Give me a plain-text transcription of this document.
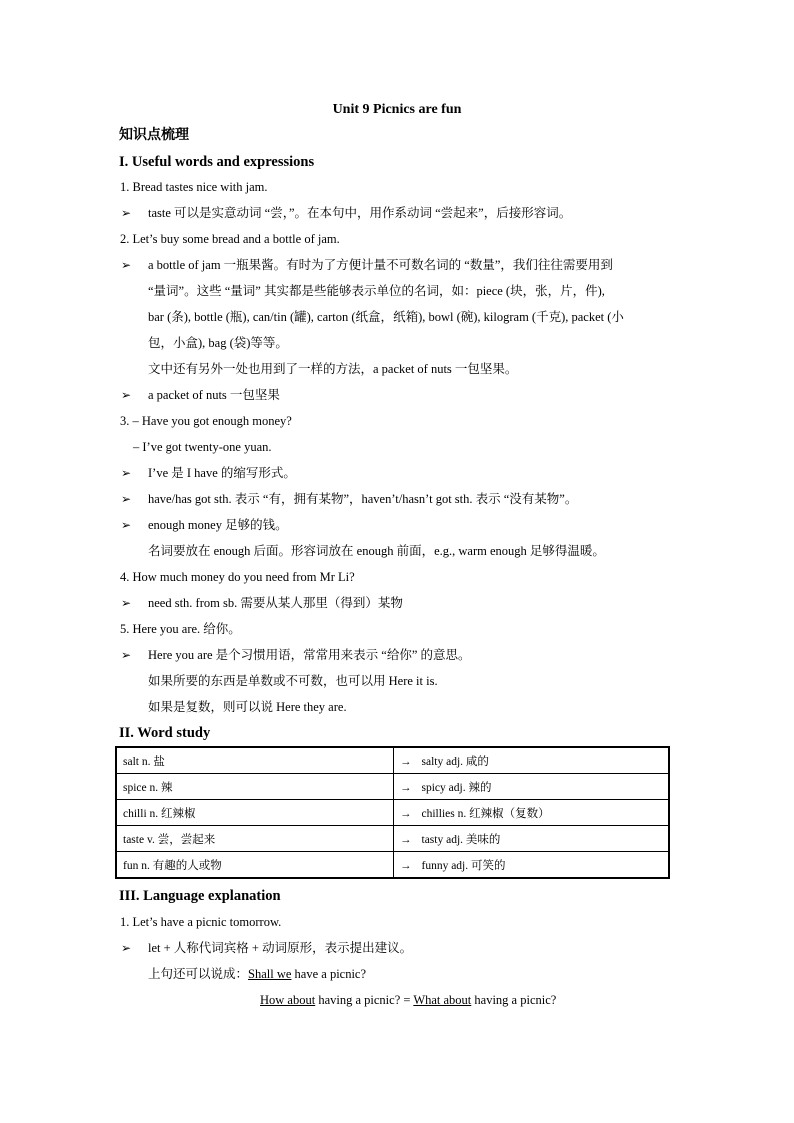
Unit 9 Picnics are fun
知识点梳理
I. Useful words and expressions
1. Bread tastes nice with jam.
➢ taste 可以是实意动词 “尝，”。在本句中，用作系动词 “尝起来”，后接形容词。
2. Let’s buy some bread and a bottle of jam.
➢ a bottle of jam 一瓶果酱。有时为了方便计量不可数名词的 “数量”，我们往往需要用到
“量词”。这些 “量词” 其实都是些能够表示单位的名词，如：piece (块，张，片，件),
bar (条), bottle (瓶), can/tin (罐), carton (纸盒，纸箱), bowl (碗), kilogram (千克), packet (小
包，小盒), bag (袋)等等。
文中还有另外一处也用到了一样的方法，a packet of nuts 一包坚果。
➢ a packet of nuts 一包坚果
3. – Have you got enough money?
– I’ve got twenty-one yuan.
➢ I’ve 是 I have 的缩写形式。
➢ have/has got sth. 表示 “有，拥有某物”，haven’t/hasn’t got sth. 表示 “没有某物”。
➢ enough money 足够的钱。
名词要放在 enough 后面。形容词放在 enough 前面，e.g., warm enough 足够得温暖。
4. How much money do you need from Mr Li?
➢ need sth. from sb. 需要从某人那里（得到）某物
5. Here you are. 给你。
➢ Here you are 是个习惯用语，常常用来表示 “给你” 的意思。
如果所要的东西是单数或不可数，也可以用 Here it is.
如果是复数，则可以说 Here they are.
II. Word study
salt n. 盐	→ salty adj. 咸的
spice n. 辣	→ spicy adj. 辣的
chilli n. 红辣椒	→ chillies n. 红辣椒（复数）
taste v. 尝，尝起来	→ tasty adj. 美味的
fun n. 有趣的人或物	→ funny adj. 可笑的
III. Language explanation
1. Let’s have a picnic tomorrow.
➢ let + 人称代词宾格 + 动词原形，表示提出建议。
上句还可以说成：Shall we have a picnic?
How about having a picnic? = What about having a picnic?
